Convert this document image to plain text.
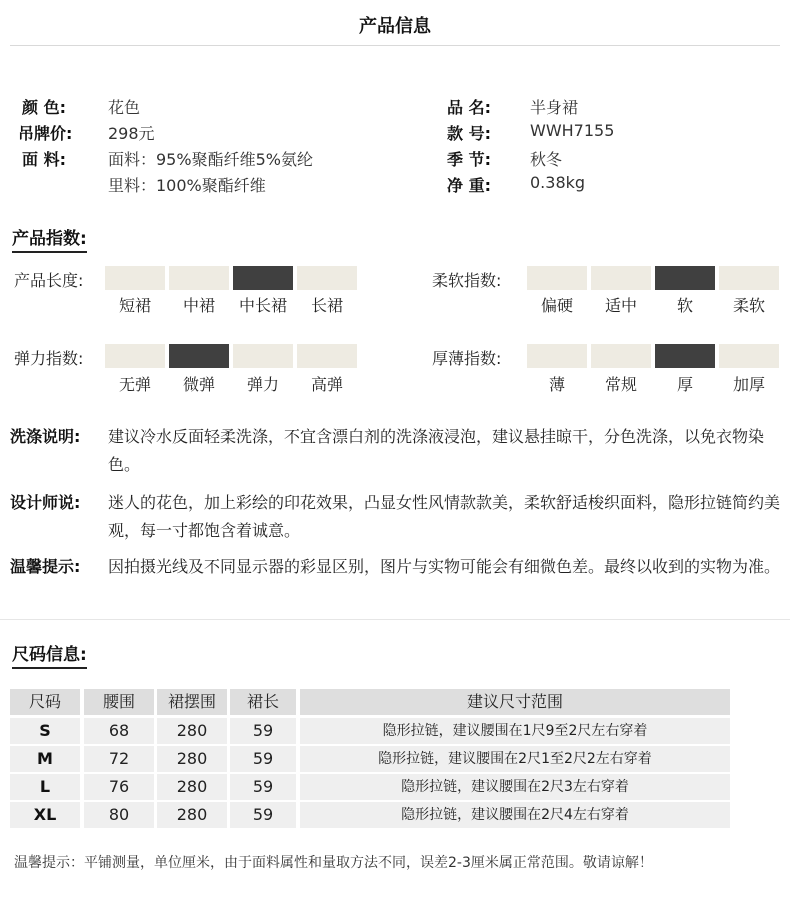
产品信息
颜 色:	花色
吊牌价: 298元
面 料:	面料：95%聚酯纤维5%氨纶
里料：100%聚酯纤维
品 名: 半身裙
款 号: WWH7155
季 节: 秋冬
净 重: 0.38kg
产品指数:
产品长度:
短裙	中裙	中长裙	长裙
柔软指数:
偏硬	适中	软	柔软
弹力指数:
无弹	微弹	弹力	高弹
厚薄指数:
薄	常规	厚	加厚
洗涤说明: 建议冷水反面轻柔洗涤，不宜含漂白剂的洗涤液浸泡，建议悬挂晾干，分色洗涤，以免衣物染色。
设计师说: 迷人的花色，加上彩绘的印花效果，凸显女性风情款款美，柔软舒适梭织面料，隐形拉链简约美观，每一寸都饱含着诚意。
温馨提示: 因拍摄光线及不同显示器的彩显区别，图片与实物可能会有细微色差。最终以收到的实物为准。
尺码信息:
尺码	腰围	裙摆围	裙长	建议尺寸范围
S	68	280	59	隐形拉链，建议腰围在1尺9至2尺左右穿着
M	72	280	59	隐形拉链，建议腰围在2尺1至2尺2左右穿着
L	76	280	59	隐形拉链，建议腰围在2尺3左右穿着
XL	80	280	59	隐形拉链，建议腰围在2尺4左右穿着
温馨提示：平铺测量，单位厘米，由于面料属性和量取方法不同，误差2-3厘米属正常范围。敬请谅解！
